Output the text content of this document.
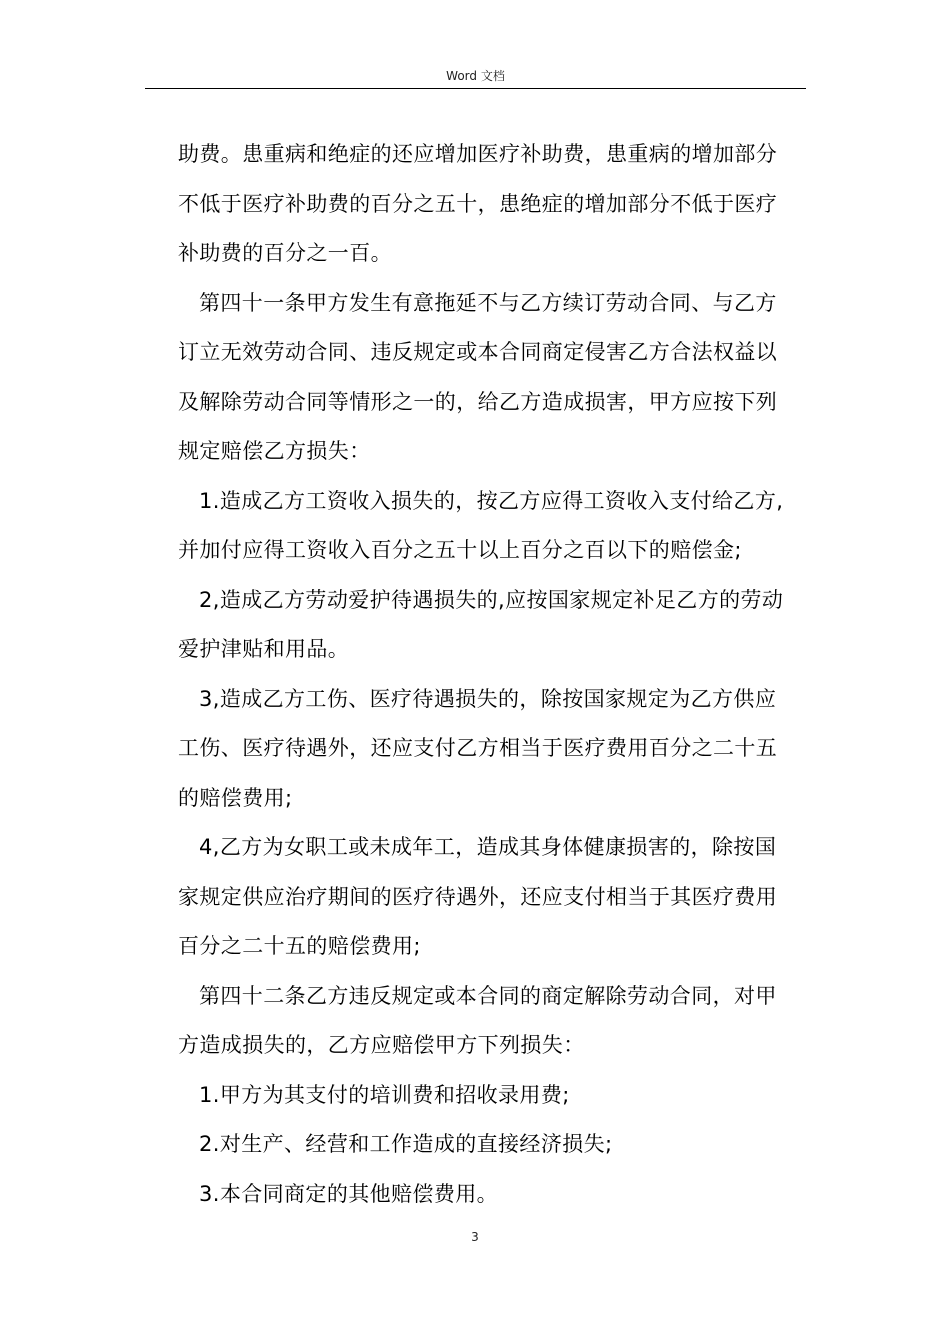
Word 文档

助费。患重病和绝症的还应增加医疗补助费，患重病的增加部分
不低于医疗补助费的百分之五十，患绝症的增加部分不低于医疗
补助费的百分之一百。

第四十一条甲方发生有意拖延不与乙方续订劳动合同、与乙方
订立无效劳动合同、违反规定或本合同商定侵害乙方合法权益以
及解除劳动合同等情形之一的，给乙方造成损害，甲方应按下列
规定赔偿乙方损失：

1.造成乙方工资收入损失的，按乙方应得工资收入支付给乙方,
并加付应得工资收入百分之五十以上百分之百以下的赔偿金;

2,造成乙方劳动爱护待遇损失的,应按国家规定补足乙方的劳动
爱护津贴和用品。

3,造成乙方工伤、医疗待遇损失的，除按国家规定为乙方供应
工伤、医疗待遇外，还应支付乙方相当于医疗费用百分之二十五
的赔偿费用;

4,乙方为女职工或未成年工，造成其身体健康损害的，除按国
家规定供应治疗期间的医疗待遇外，还应支付相当于其医疗费用
百分之二十五的赔偿费用;

第四十二条乙方违反规定或本合同的商定解除劳动合同，对甲
方造成损失的，乙方应赔偿甲方下列损失：

1.甲方为其支付的培训费和招收录用费;

2.对生产、经营和工作造成的直接经济损失;

3.本合同商定的其他赔偿费用。

3
